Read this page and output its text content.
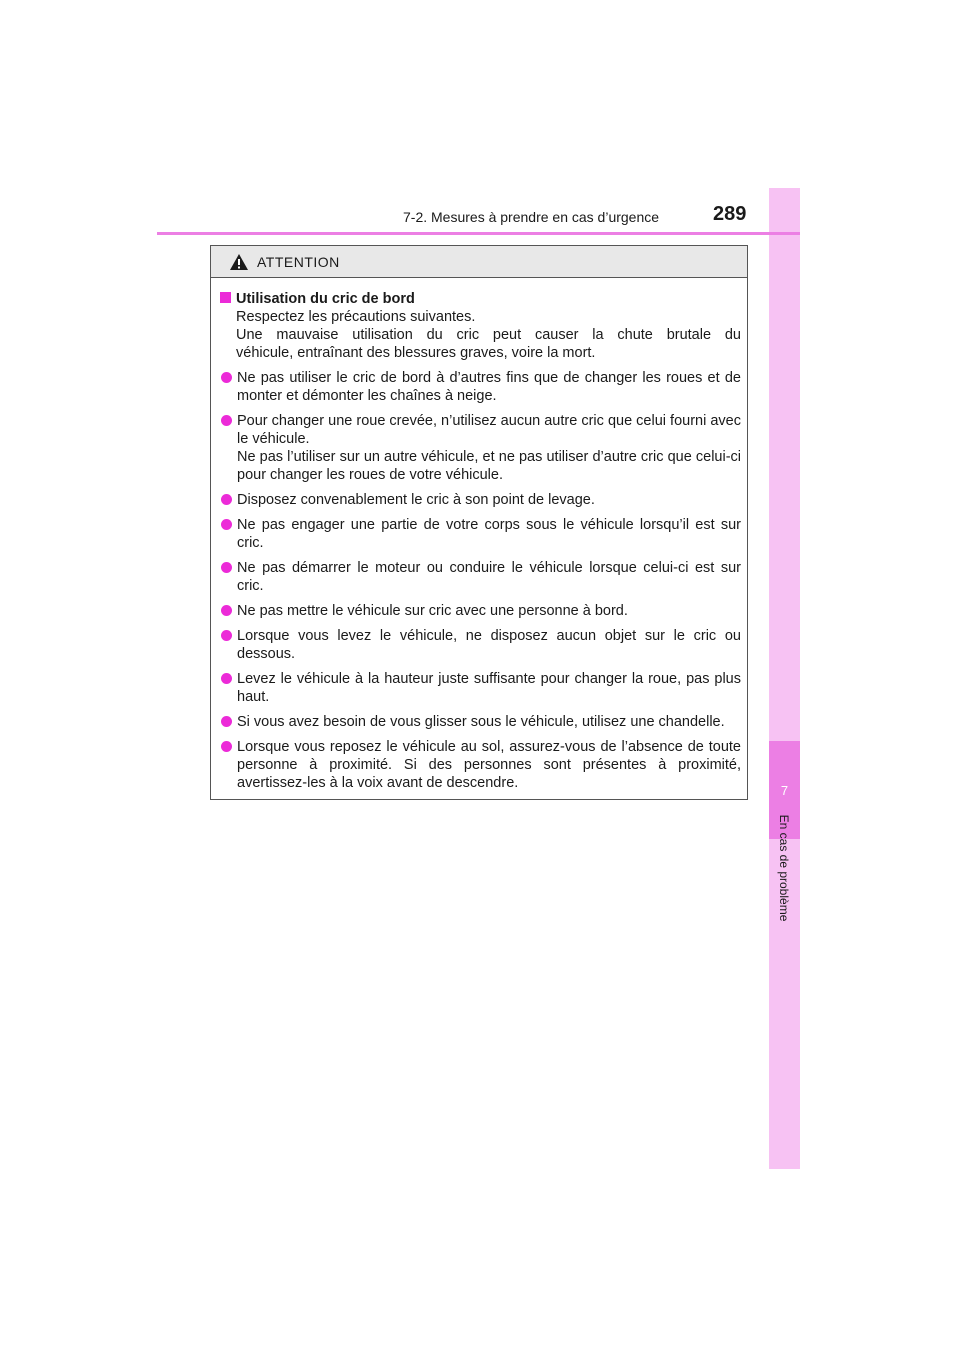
7
En cas de problème
7-2. Mesures à prendre en cas d’urgence	289
ATTENTION
Utilisation du cric de bord

Respectez les précautions suivantes.

Une mauvaise utilisation du cric peut causer la chute brutale du

véhicule, entraînant des blessures graves, voire la mort.

Ne pas utiliser le cric de bord à d’autres fins que de changer les roues et de monter et démonter les chaînes à neige.

Pour changer une roue crevée, n’utilisez aucun autre cric que celui fourni avec le véhicule.

Ne pas l’utiliser sur un autre véhicule, et ne pas utiliser d’autre cric que celui-ci pour changer les roues de votre véhicule.

Disposez convenablement le cric à son point de levage.

Ne pas engager une partie de votre corps sous le véhicule lorsqu’il est sur cric.

Ne pas démarrer le moteur ou conduire le véhicule lorsque celui-ci est sur cric.

Ne pas mettre le véhicule sur cric avec une personne à bord.

Lorsque vous levez le véhicule, ne disposez aucun objet sur le cric ou dessous.

Levez le véhicule à la hauteur juste suffisante pour changer la roue, pas plus haut.

Si vous avez besoin de vous glisser sous le véhicule, utilisez une chandelle.

Lorsque vous reposez le véhicule au sol, assurez-vous de l’absence de toute personne à proximité. Si des personnes sont présentes à proximité, avertissez-les à la voix avant de descendre.
